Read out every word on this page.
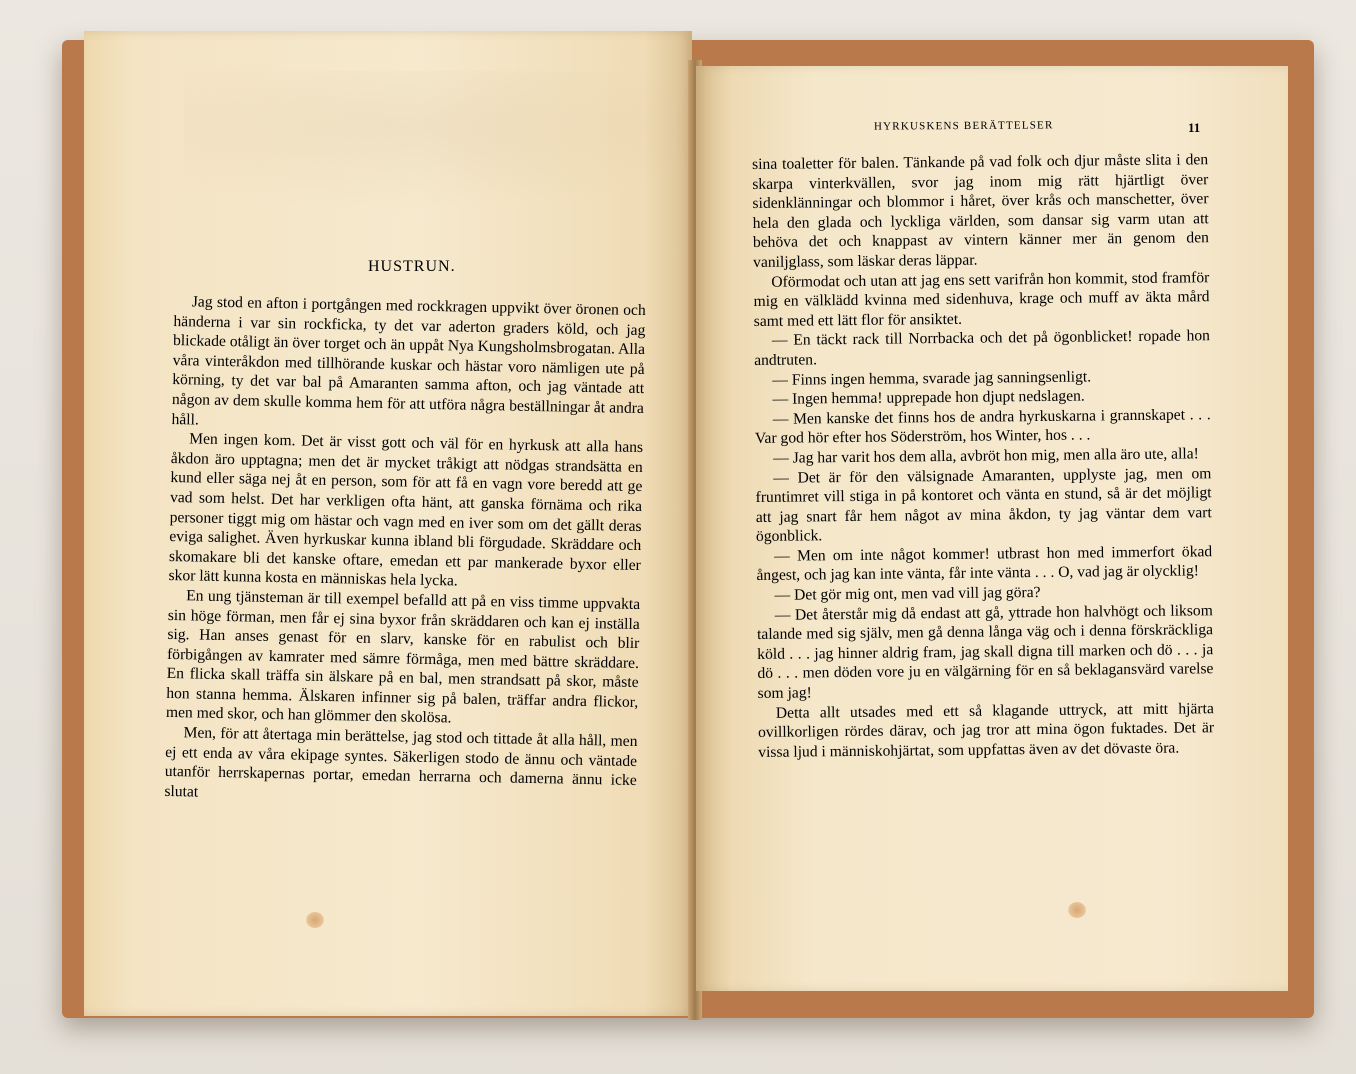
HUSTRUN.

Jag stod en afton i portgången med rockkragen uppvikt över öronen och händerna i var sin rockficka, ty det var aderton graders köld, och jag blickade otåligt än över torget och än uppåt Nya Kungsholmsbrogatan. Alla våra vinteråkdon med tillhörande kuskar och hästar voro nämligen ute på körning, ty det var bal på Amaranten samma afton, och jag väntade att någon av dem skulle komma hem för att utföra några beställningar åt andra håll.

Men ingen kom. Det är visst gott och väl för en hyrkusk att alla hans åkdon äro upptagna; men det är mycket tråkigt att nödgas strandsätta en kund eller säga nej åt en person, som för att få en vagn vore beredd att ge vad som helst. Det har verkligen ofta hänt, att ganska förnäma och rika personer tiggt mig om hästar och vagn med en iver som om det gällt deras eviga salighet. Även hyrkuskar kunna ibland bli förgudade. Skräddare och skomakare bli det kanske oftare, emedan ett par mankerade byxor eller skor lätt kunna kosta en människas hela lycka.

En ung tjänsteman är till exempel befalld att på en viss timme uppvakta sin höge förman, men får ej sina byxor från skräddaren och kan ej inställa sig. Han anses genast för en slarv, kanske för en rabulist och blir förbigången av kamrater med sämre förmåga, men med bättre skräddare. En flicka skall träffa sin älskare på en bal, men strandsatt på skor, måste hon stanna hemma. Älskaren infinner sig på balen, träffar andra flickor, men med skor, och han glömmer den skolösa.

Men, för att återtaga min berättelse, jag stod och tittade åt alla håll, men ej ett enda av våra ekipage syntes. Säkerligen stodo de ännu och väntade utanför herrskapernas portar, emedan herrarna och damerna ännu icke slutat

HYRKUSKENS BERÄTTELSER	11

sina toaletter för balen. Tänkande på vad folk och djur måste slita i den skarpa vinterkvällen, svor jag inom mig rätt hjärtligt över sidenklänningar och blommor i håret, över krås och manschetter, över hela den glada och lyckliga världen, som dansar sig varm utan att behöva det och knappast av vintern känner mer än genom den vaniljglass, som läskar deras läppar.

Oförmodat och utan att jag ens sett varifrån hon kommit, stod framför mig en välklädd kvinna med sidenhuva, krage och muff av äkta mård samt med ett lätt flor för ansiktet.

— En täckt rack till Norrbacka och det på ögonblicket! ropade hon andtruten.

— Finns ingen hemma, svarade jag sanningsenligt.

— Ingen hemma! upprepade hon djupt nedslagen.

— Men kanske det finns hos de andra hyrkuskarna i grannskapet . . . Var god hör efter hos Söderström, hos Winter, hos . . .

— Jag har varit hos dem alla, avbröt hon mig, men alla äro ute, alla!

— Det är för den välsignade Amaranten, upplyste jag, men om fruntimret vill stiga in på kontoret och vänta en stund, så är det möjligt att jag snart får hem något av mina åkdon, ty jag väntar dem vart ögonblick.

— Men om inte något kommer! utbrast hon med immerfort ökad ångest, och jag kan inte vänta, får inte vänta . . . O, vad jag är olycklig!

— Det gör mig ont, men vad vill jag göra?

— Det återstår mig då endast att gå, yttrade hon halvhögt och liksom talande med sig själv, men gå denna långa väg och i denna förskräckliga köld . . . jag hinner aldrig fram, jag skall digna till marken och dö . . . ja dö . . . men döden vore ju en välgärning för en så beklagansvärd varelse som jag!

Detta allt utsades med ett så klagande uttryck, att mitt hjärta ovillkorligen rördes därav, och jag tror att mina ögon fuktades. Det är vissa ljud i människohjärtat, som uppfattas även av det dövaste öra.
